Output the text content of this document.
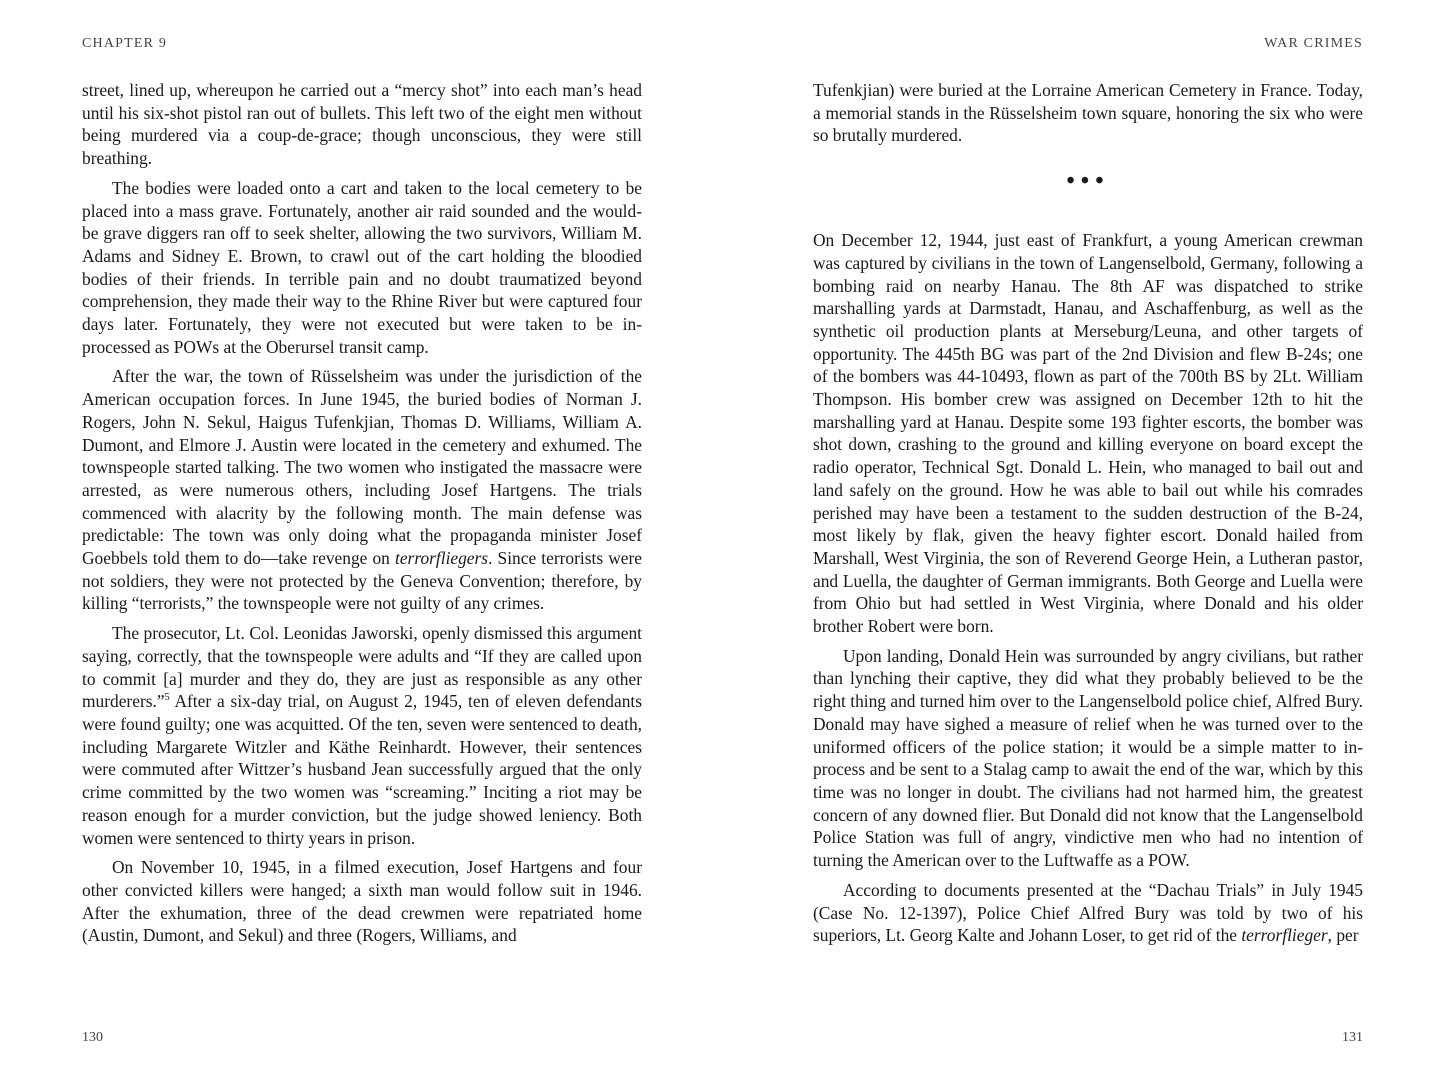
CHAPTER 9

street, lined up, whereupon he carried out a “mercy shot” into each man’s head until his six-shot pistol ran out of bullets. This left two of the eight men without being murdered via a coup-de-grace; though unconscious, they were still breathing.

The bodies were loaded onto a cart and taken to the local cemetery to be placed into a mass grave. Fortunately, another air raid sounded and the would-be grave diggers ran off to seek shelter, allowing the two survivors, William M. Adams and Sidney E. Brown, to crawl out of the cart holding the bloodied bodies of their friends. In terrible pain and no doubt traumatized beyond comprehension, they made their way to the Rhine River but were captured four days later. Fortunately, they were not executed but were taken to be in-processed as POWs at the Oberursel transit camp.

After the war, the town of Rüsselsheim was under the jurisdiction of the American occupation forces. In June 1945, the buried bodies of Norman J. Rogers, John N. Sekul, Haigus Tufenkjian, Thomas D. Williams, William A. Dumont, and Elmore J. Austin were located in the cemetery and exhumed. The townspeople started talking. The two women who instigated the massacre were arrested, as were numerous others, including Josef Hartgens. The trials commenced with alacrity by the following month. The main defense was predictable: The town was only doing what the propaganda minister Josef Goebbels told them to do—take revenge on terrorfliegers. Since terrorists were not soldiers, they were not protected by the Geneva Convention; therefore, by killing “terrorists,” the townspeople were not guilty of any crimes.

The prosecutor, Lt. Col. Leonidas Jaworski, openly dismissed this argument saying, correctly, that the townspeople were adults and “If they are called upon to commit [a] murder and they do, they are just as responsible as any other murderers.”$^5$ After a six-day trial, on August 2, 1945, ten of eleven defendants were found guilty; one was acquitted. Of the ten, seven were sentenced to death, including Margarete Witzler and Käthe Reinhardt. However, their sentences were commuted after Wittzer’s husband Jean successfully argued that the only crime committed by the two women was “screaming.” Inciting a riot may be reason enough for a murder conviction, but the judge showed leniency. Both women were sentenced to thirty years in prison.

On November 10, 1945, in a filmed execution, Josef Hartgens and four other convicted killers were hanged; a sixth man would follow suit in 1946. After the exhumation, three of the dead crewmen were repatriated home (Austin, Dumont, and Sekul) and three (Rogers, Williams, and

130
WAR CRIMES

Tufenkjian) were buried at the Lorraine American Cemetery in France. Today, a memorial stands in the Rüsselsheim town square, honoring the six who were so brutally murdered.

•••

On December 12, 1944, just east of Frankfurt, a young American crewman was captured by civilians in the town of Langenselbold, Germany, following a bombing raid on nearby Hanau. The 8th AF was dispatched to strike marshalling yards at Darmstadt, Hanau, and Aschaffenburg, as well as the synthetic oil production plants at Merseburg/Leuna, and other targets of opportunity. The 445th BG was part of the 2nd Division and flew B-24s; one of the bombers was 44-10493, flown as part of the 700th BS by 2Lt. William Thompson. His bomber crew was assigned on December 12th to hit the marshalling yard at Hanau. Despite some 193 fighter escorts, the bomber was shot down, crashing to the ground and killing everyone on board except the radio operator, Technical Sgt. Donald L. Hein, who managed to bail out and land safely on the ground. How he was able to bail out while his comrades perished may have been a testament to the sudden destruction of the B-24, most likely by flak, given the heavy fighter escort. Donald hailed from Marshall, West Virginia, the son of Reverend George Hein, a Lutheran pastor, and Luella, the daughter of German immigrants. Both George and Luella were from Ohio but had settled in West Virginia, where Donald and his older brother Robert were born.

Upon landing, Donald Hein was surrounded by angry civilians, but rather than lynching their captive, they did what they probably believed to be the right thing and turned him over to the Langenselbold police chief, Alfred Bury. Donald may have sighed a measure of relief when he was turned over to the uniformed officers of the police station; it would be a simple matter to in-process and be sent to a Stalag camp to await the end of the war, which by this time was no longer in doubt. The civilians had not harmed him, the greatest concern of any downed flier. But Donald did not know that the Langenselbold Police Station was full of angry, vindictive men who had no intention of turning the American over to the Luftwaffe as a POW.

According to documents presented at the “Dachau Trials” in July 1945 (Case No. 12-1397), Police Chief Alfred Bury was told by two of his superiors, Lt. Georg Kalte and Johann Loser, to get rid of the terrorflieger, per

131
